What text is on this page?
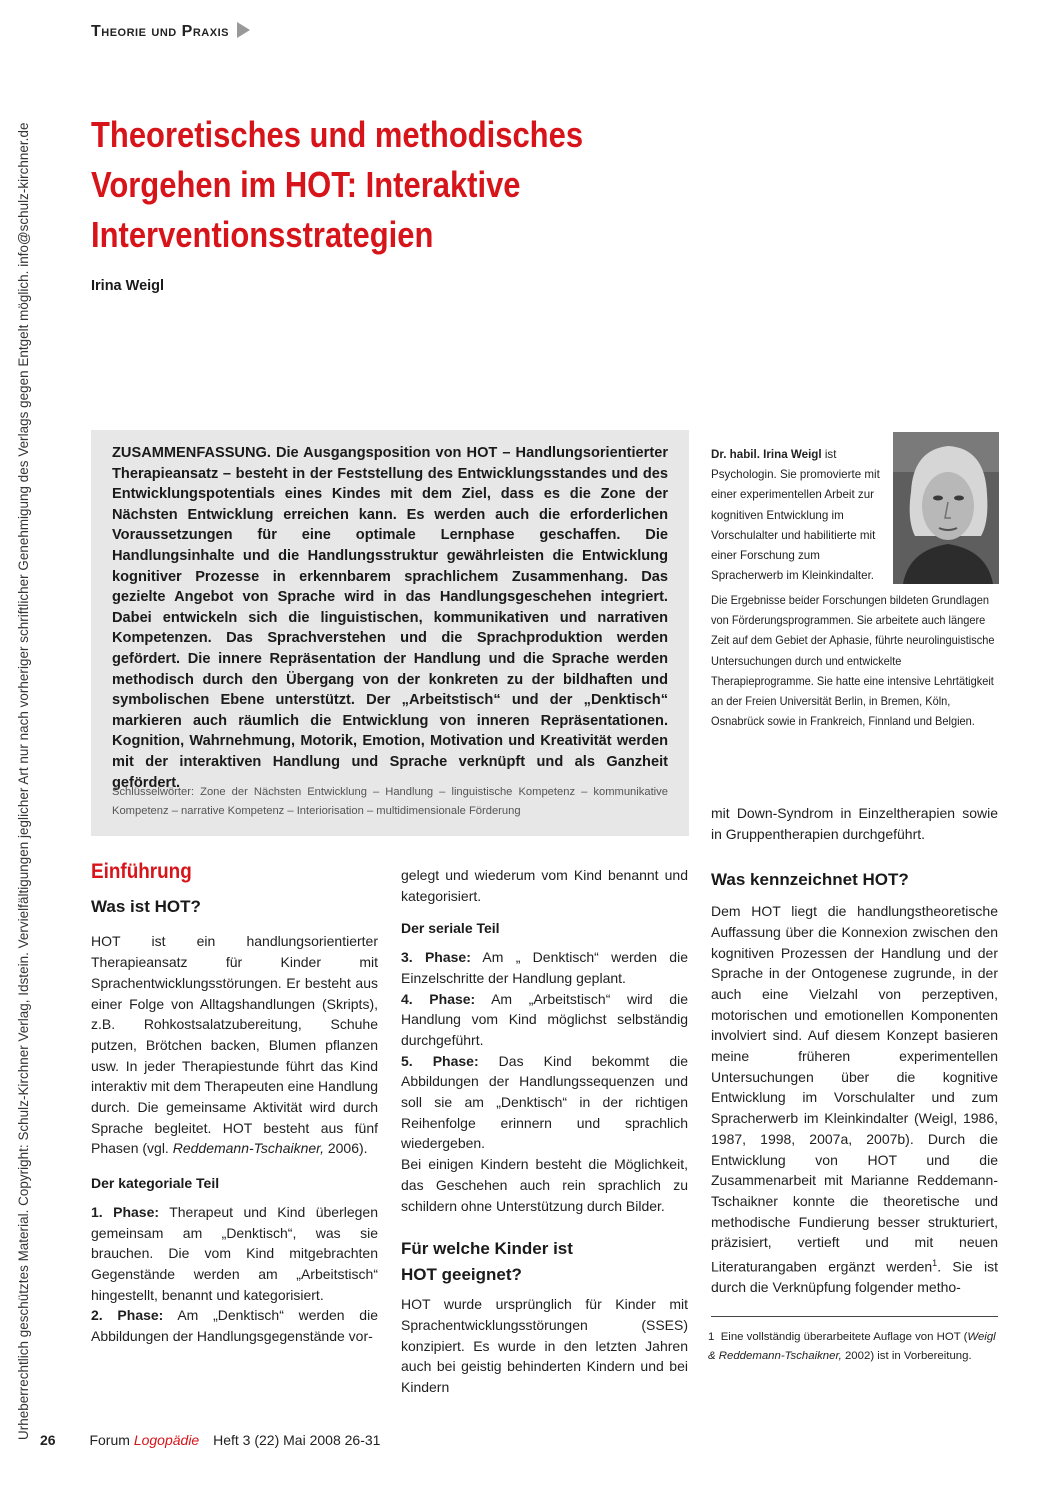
Urheberrechtlich geschütztes Material. Copyright: Schulz-Kirchner Verlag, Idstein. Vervielfältigungen jeglicher Art nur nach vorheriger schriftlicher Genehmigung des Verlags gegen Entgelt möglich. info@schulz-kirchner.de
Theorie und Praxis
Theoretisches und methodisches Vorgehen im HOT: Interaktive Interventionsstrategien
Irina Weigl
ZUSAMMENFASSUNG. Die Ausgangsposition von HOT – Handlungsorientierter Therapieansatz – besteht in der Feststellung des Entwicklungsstandes und des Entwicklungspotentials eines Kindes mit dem Ziel, dass es die Zone der Nächsten Entwicklung erreichen kann. Es werden auch die erforderlichen Voraussetzungen für eine optimale Lernphase geschaffen. Die Handlungsinhalte und die Handlungsstruktur gewährleisten die Entwicklung kognitiver Prozesse in erkennbarem sprachlichem Zusammenhang. Das gezielte Angebot von Sprache wird in das Handlungsgeschehen integriert. Dabei entwickeln sich die linguistischen, kommunikativen und narrativen Kompetenzen. Das Sprachverstehen und die Sprachproduktion werden gefördert. Die innere Repräsentation der Handlung und die Sprache werden methodisch durch den Übergang von der konkreten zu der bildhaften und symbolischen Ebene unterstützt. Der „Arbeitstisch“ und der „Denktisch“ markieren auch räumlich die Entwicklung von inneren Repräsentationen. Kognition, Wahrnehmung, Motorik, Emotion, Motivation und Kreativität werden mit der interaktiven Handlung und Sprache verknüpft und als Ganzheit gefördert.
Schlüsselwörter: Zone der Nächsten Entwicklung – Handlung – linguistische Kompetenz – kommunikative Kompetenz – narrative Kompetenz – Interiorisation – multidimensionale Förderung
Dr. habil. Irina Weigl ist Psychologin. Sie promovierte mit einer experimentellen Arbeit zur kognitiven Entwicklung im Vorschulalter und habilitierte mit einer Forschung zum Spracherwerb im Kleinkindalter.
Die Ergebnisse beider Forschungen bildeten Grundlagen von Förderungsprogrammen. Sie arbeitete auch längere Zeit auf dem Gebiet der Aphasie, führte neurolinguistische Untersuchungen durch und entwickelte Therapieprogramme. Sie hatte eine intensive Lehrtätigkeit an der Freien Universität Berlin, in Bremen, Köln, Osnabrück sowie in Frankreich, Finnland und Belgien.
Einführung
Was ist HOT?

HOT ist ein handlungsorientierter Therapieansatz für Kinder mit Sprachentwicklungsstörungen. Er besteht aus einer Folge von Alltagshandlungen (Skripts), z.B. Rohkostsalatzubereitung, Schuhe putzen, Brötchen backen, Blumen pflanzen usw. In jeder Therapiestunde führt das Kind interaktiv mit dem Therapeuten eine Handlung durch. Die gemeinsame Aktivität wird durch Sprache begleitet. HOT besteht aus fünf Phasen (vgl. Reddemann-Tschaikner, 2006).

Der kategoriale Teil

1. Phase: Therapeut und Kind überlegen gemeinsam am „Denktisch“, was sie brauchen. Die vom Kind mitgebrachten Gegenstände werden am „Arbeitstisch“ hingestellt, benannt und kategorisiert.

2. Phase: Am „Denktisch“ werden die Abbildungen der Handlungsgegenstände vor-

gelegt und wiederum vom Kind benannt und kategorisiert.

Der seriale Teil

3. Phase: Am „ Denktisch“ werden die Einzelschritte der Handlung geplant.

4. Phase: Am „Arbeitstisch“ wird die Handlung vom Kind möglichst selbständig durchgeführt.

5. Phase: Das Kind bekommt die Abbildungen der Handlungssequenzen und soll sie am „Denktisch“ in der richtigen Reihenfolge erinnern und sprachlich wiedergeben.

Bei einigen Kindern besteht die Möglichkeit, das Geschehen auch rein sprachlich zu schildern ohne Unterstützung durch Bilder.

Für welche Kinder ist
HOT geeignet?

HOT wurde ursprünglich für Kinder mit Sprachentwicklungsstörungen (SSES) konzipiert. Es wurde in den letzten Jahren auch bei geistig behinderten Kindern und bei Kindern

mit Down-Syndrom in Einzeltherapien sowie in Gruppentherapien durchgeführt.

Was kennzeichnet HOT?

Dem HOT liegt die handlungstheoretische Auffassung über die Konnexion zwischen den kognitiven Prozessen der Handlung und der Sprache in der Ontogenese zugrunde, in der auch eine Vielzahl von perzeptiven, motorischen und emotionellen Komponenten involviert sind. Auf diesem Konzept basieren meine früheren experimentellen Untersuchungen über die kognitive Entwicklung im Vorschulalter und zum Spracherwerb im Kleinkindalter (Weigl, 1986, 1987, 1998, 2007a, 2007b). Durch die Entwicklung von HOT und die Zusammenarbeit mit Marianne Reddemann-Tschaikner konnte die theoretische und methodische Fundierung besser strukturiert, präzisiert, vertieft und mit neuen Literaturangaben ergänzt werden$^1$. Sie ist durch die Verknüpfung folgender metho-

1 Eine vollständig überarbeitete Auflage von HOT (Weigl & Reddemann-Tschaikner, 2002) ist in Vorbereitung.
26 Forum Logopädie Heft 3 (22) Mai 2008 26-31
